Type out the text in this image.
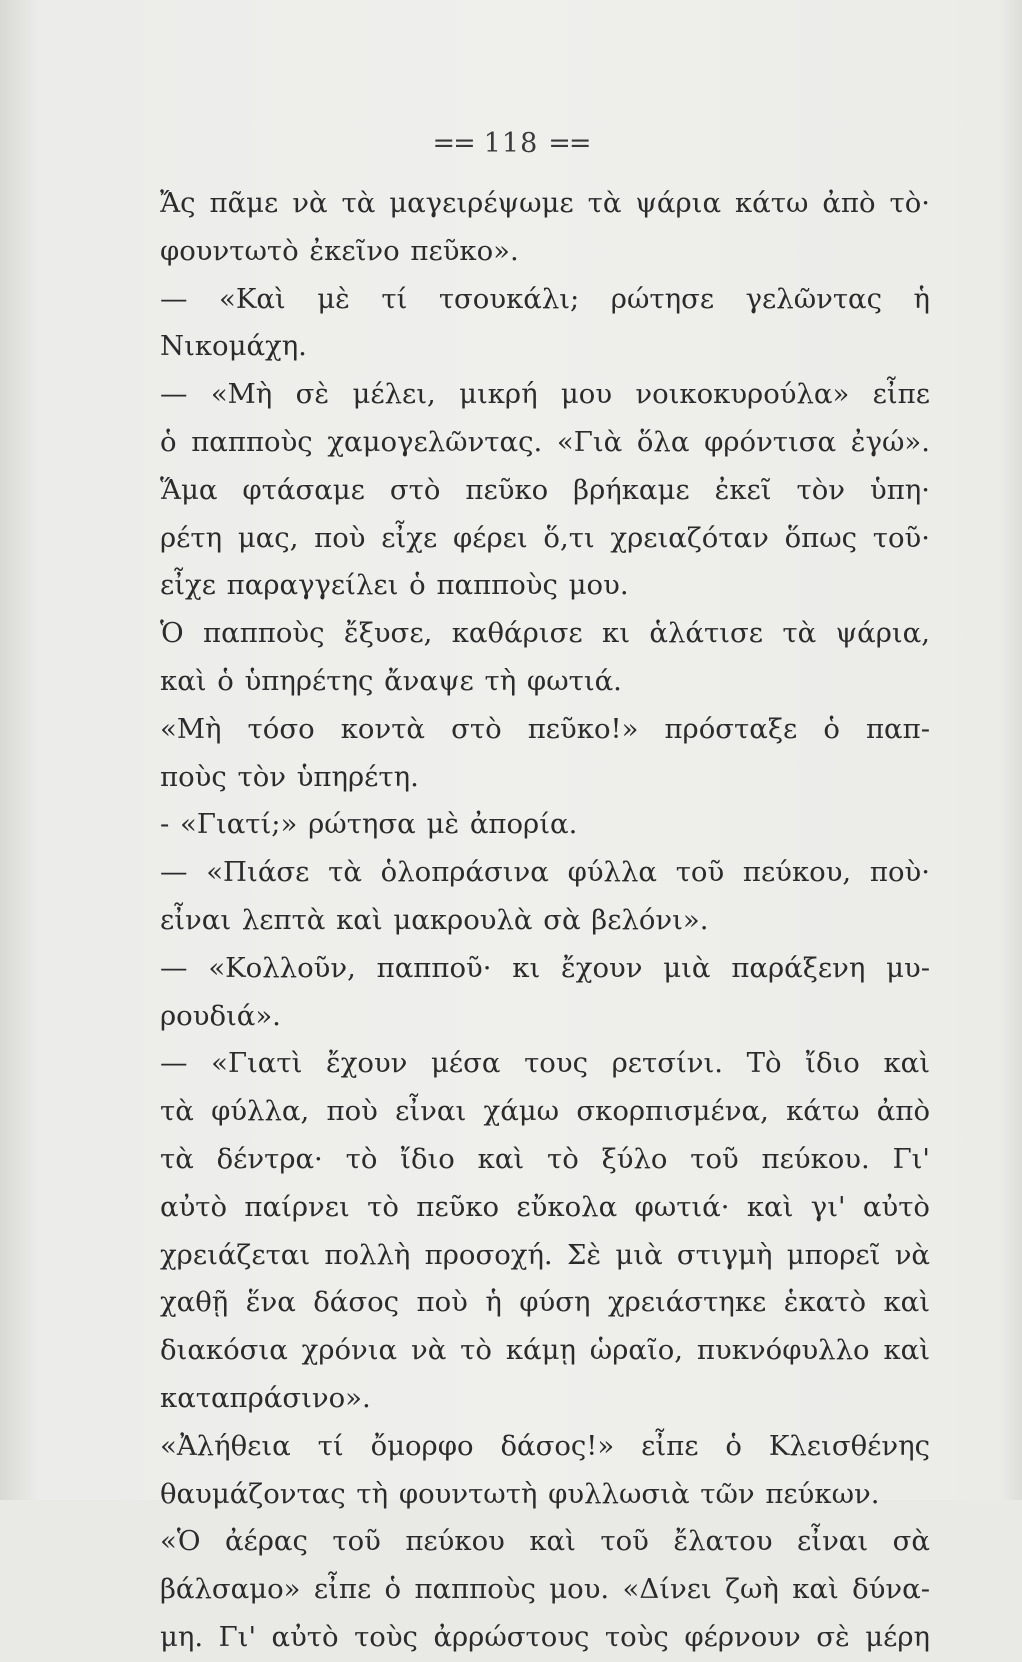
== 118 ==
Ἄς πᾶμε νὰ τὰ μαγειρέψωμε τὰ ψάρια κάτω ἀπὸ τὸ·
φουντωτὸ ἐκεῖνο πεῦκο».
— «Καὶ μὲ τί τσουκάλι; ρώτησε γελῶντας ἡ
Νικομάχη.
— «Μὴ σὲ μέλει, μικρή μου νοικοκυρούλα» εἶπε
ὁ παπποὺς χαμογελῶντας. «Γιὰ ὅλα φρόντισα ἐγώ».
Ἅμα φτάσαμε στὸ πεῦκο βρήκαμε ἐκεῖ τὸν ὑπη·
ρέτη μας, ποὺ εἶχε φέρει ὅ,τι χρειαζόταν ὅπως τοῦ·
εἶχε παραγγείλει ὁ παπποὺς μου.
Ὁ παπποὺς ἔξυσε, καθάρισε κι ἁλάτισε τὰ ψάρια,
καὶ ὁ ὑπηρέτης ἄναψε τὴ φωτιά.
«Μὴ τόσο κοντὰ στὸ πεῦκο!» πρόσταξε ὁ παπ-
ποὺς τὸν ὑπηρέτη.
- «Γιατί;» ρώτησα μὲ ἀπορία.
— «Πιάσε τὰ ὁλοπράσινα φύλλα τοῦ πεύκου, ποὺ·
εἶναι λεπτὰ καὶ μακρουλὰ σὰ βελόνι».
— «Κολλοῦν, παπποῦ· κι ἔχουν μιὰ παράξενη μυ-
ρουδιά».
— «Γιατὶ ἔχουν μέσα τους ρετσίνι. Τὸ ἴδιο καὶ
τὰ φύλλα, ποὺ εἶναι χάμω σκορπισμένα, κάτω ἀπὸ
τὰ δέντρα· τὸ ἴδιο καὶ τὸ ξύλο τοῦ πεύκου. Γι'
αὐτὸ παίρνει τὸ πεῦκο εὔκολα φωτιά· καὶ γι' αὐτὸ
χρειάζεται πολλὴ προσοχή. Σὲ μιὰ στιγμὴ μπορεῖ νὰ
χαθῇ ἕνα δάσος ποὺ ἡ φύση χρειάστηκε ἑκατὸ καὶ
διακόσια χρόνια νὰ τὸ κάμῃ ὡραῖο, πυκνόφυλλο καὶ
καταπράσινο».
«Ἀλήθεια τί ὄμορφο δάσος!» εἶπε ὁ Κλεισθένης
θαυμάζοντας τὴ φουντωτὴ φυλλωσιὰ τῶν πεύκων.
«Ὁ ἀέρας τοῦ πεύκου καὶ τοῦ ἔλατου εἶναι σὰ
βάλσαμο» εἶπε ὁ παπποὺς μου. «Δίνει ζωὴ καὶ δύνα-
μη. Γι' αὐτὸ τοὺς ἀρρώστους τοὺς φέρνουν σὲ μέρη
